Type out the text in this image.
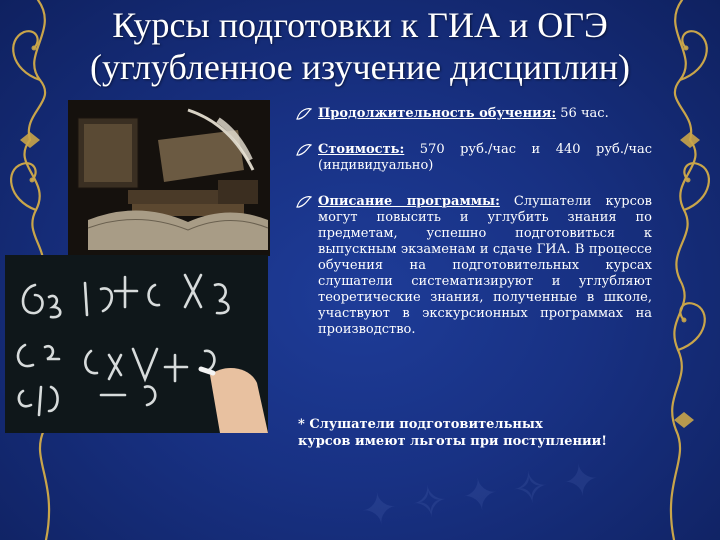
✦ ✧ ✦ ✧ ✦
Курсы подготовки к ГИА и ОГЭ
(углубленное изучение дисциплин)
Продолжительность обучения: 56 час.
Стоимость: 570 руб./час и 440 руб./час (индивидуально)
Описание программы: Слушатели курсов могут повысить и углубить знания по предметам, успешно подготовиться к выпускным экзаменам и сдаче ГИА. В процессе обучения на подготовительных курсах слушатели систематизируют и углубляют теоретические знания, полученные в школе, участвуют в экскурсионных программах на производство.
* Слушатели подготовительных
курсов имеют льготы при поступлении!
